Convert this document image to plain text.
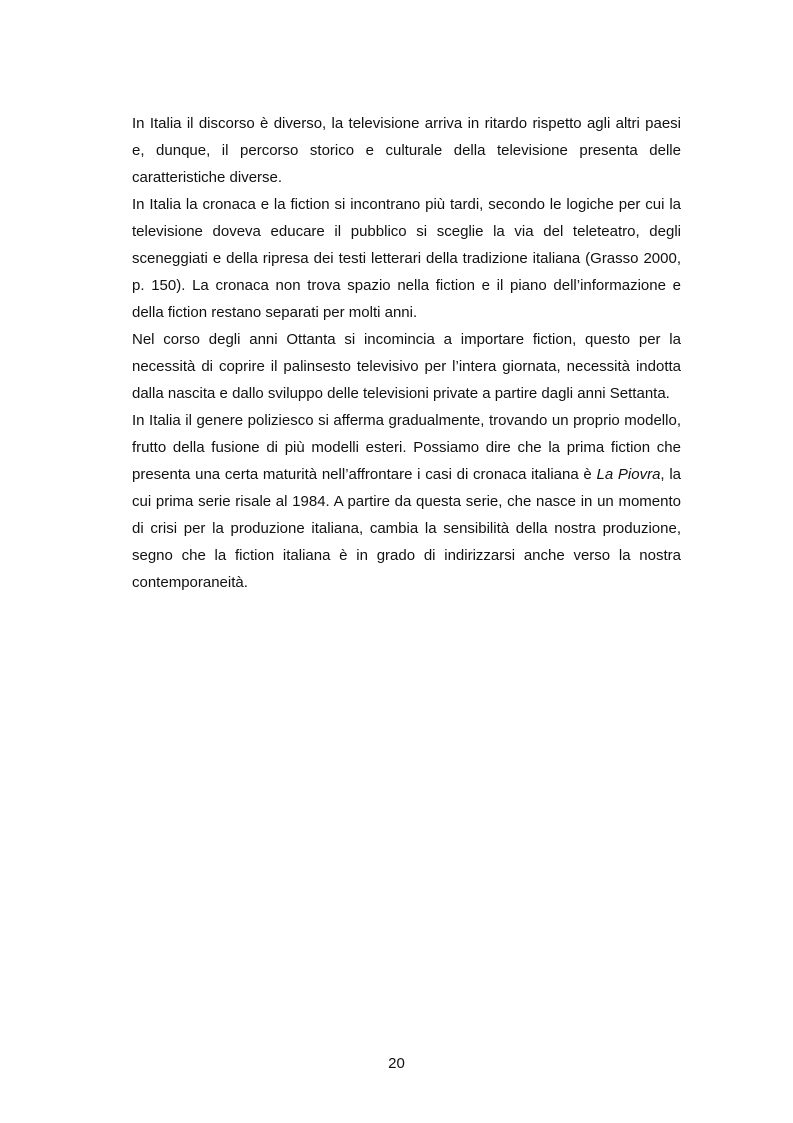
In Italia il discorso è diverso, la televisione arriva in ritardo rispetto agli altri paesi e, dunque, il percorso storico e culturale della televisione presenta delle caratteristiche diverse.

In Italia la cronaca e la fiction si incontrano più tardi, secondo le logiche per cui la televisione doveva educare il pubblico si sceglie la via del teleteatro, degli sceneggiati e della ripresa dei testi letterari della tradizione italiana (Grasso 2000, p. 150). La cronaca non trova spazio nella fiction e il piano dell’informazione e della fiction restano separati per molti anni.

Nel corso degli anni Ottanta si incomincia a importare fiction, questo per la necessità di coprire il palinsesto televisivo per l’intera giornata, necessità indotta dalla nascita e dallo sviluppo delle televisioni private a partire dagli anni Settanta.

In Italia il genere poliziesco si afferma gradualmente, trovando un proprio modello, frutto della fusione di più modelli esteri. Possiamo dire che la prima fiction che presenta una certa maturità nell’affrontare i casi di cronaca italiana è La Piovra, la cui prima serie risale al 1984. A partire da questa serie, che nasce in un momento di crisi per la produzione italiana, cambia la sensibilità della nostra produzione, segno che la fiction italiana è in grado di indirizzarsi anche verso la nostra contemporaneità.

20
